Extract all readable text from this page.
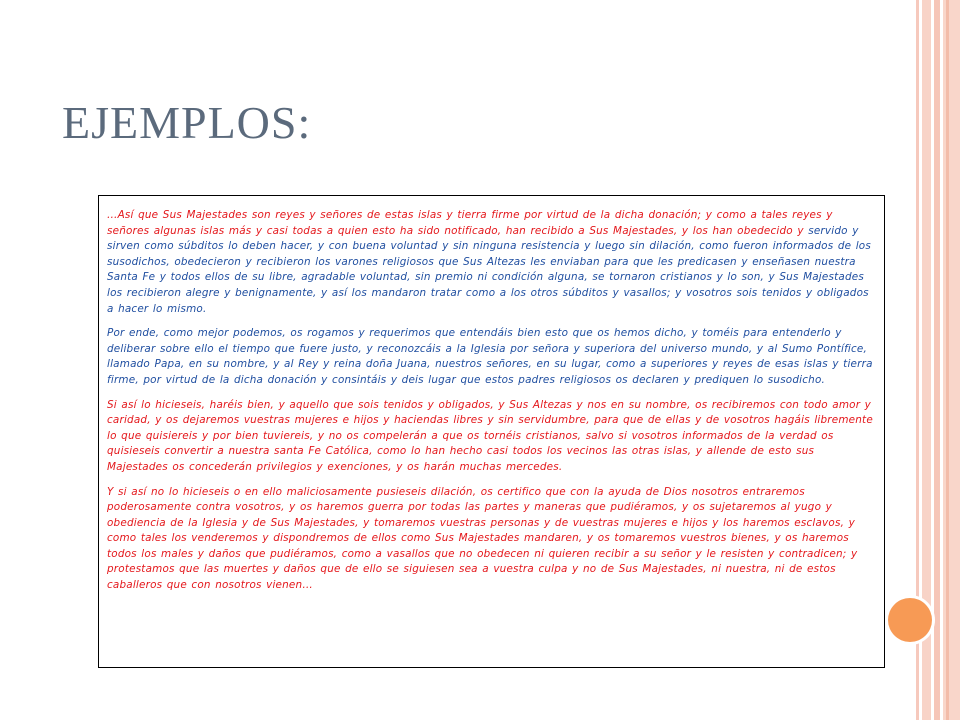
EJEMPLOS:

…Así que Sus Majestades son reyes y señores de estas islas y tierra firme por virtud de la dicha donación; y como a tales reyes y señores algunas islas más y casi todas a quien esto ha sido notificado, han recibido a Sus Majestades, y los han obedecido y servido y sirven como súbditos lo deben hacer, y con buena voluntad y sin ninguna resistencia y luego sin dilación, como fueron informados de los susodichos, obedecieron y recibieron los varones religiosos que Sus Altezas les enviaban para que les predicasen y enseñasen nuestra Santa Fe y todos ellos de su libre, agradable voluntad, sin premio ni condición alguna, se tornaron cristianos y lo son, y Sus Majestades los recibieron alegre y benignamente, y así los mandaron tratar como a los otros súbditos y vasallos; y vosotros sois tenidos y obligados a hacer lo mismo.

Por ende, como mejor podemos, os rogamos y requerimos que entendáis bien esto que os hemos dicho, y toméis para entenderlo y deliberar sobre ello el tiempo que fuere justo, y reconozcáis a la Iglesia por señora y superiora del universo mundo, y al Sumo Pontífice, llamado Papa, en su nombre, y al Rey y reina doña Juana, nuestros señores, en su lugar, como a superiores y reyes de esas islas y tierra firme, por virtud de la dicha donación y consintáis y deis lugar que estos padres religiosos os declaren y prediquen lo susodicho.

Si así lo hicieseis, haréis bien, y aquello que sois tenidos y obligados, y Sus Altezas y nos en su nombre, os recibiremos con todo amor y caridad, y os dejaremos vuestras mujeres e hijos y haciendas libres y sin servidumbre, para que de ellas y de vosotros hagáis libremente lo que quisiereis y por bien tuviereis, y no os compelerán a que os tornéis cristianos, salvo si vosotros informados de la verdad os quisieseis convertir a nuestra santa Fe Católica, como lo han hecho casi todos los vecinos las otras islas, y allende de esto sus Majestades os concederán privilegios y exenciones, y os harán muchas mercedes.

Y si así no lo hicieseis o en ello maliciosamente pusieseis dilación, os certifico que con la ayuda de Dios nosotros entraremos poderosamente contra vosotros, y os haremos guerra por todas las partes y maneras que pudiéramos, y os sujetaremos al yugo y obediencia de la Iglesia y de Sus Majestades, y tomaremos vuestras personas y de vuestras mujeres e hijos y los haremos esclavos, y como tales los venderemos y dispondremos de ellos como Sus Majestades mandaren, y os tomaremos vuestros bienes, y os haremos todos los males y daños que pudiéramos, como a vasallos que no obedecen ni quieren recibir a su señor y le resisten y contradicen; y protestamos que las muertes y daños que de ello se siguiesen sea a vuestra culpa y no de Sus Majestades, ni nuestra, ni de estos caballeros que con nosotros vienen…
